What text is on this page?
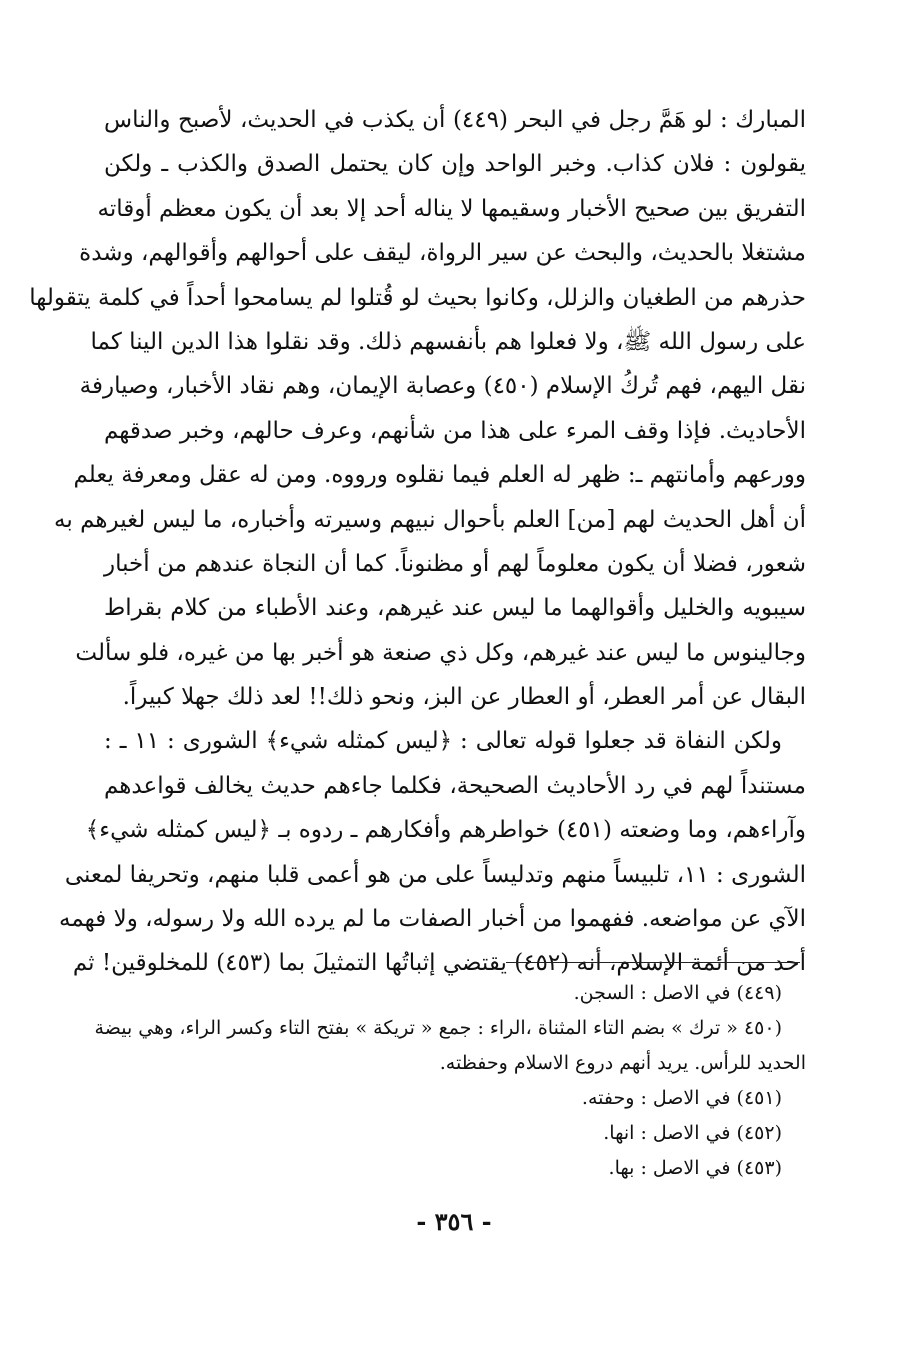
المبارك : لو هَمَّ رجل في البحر (٤٤٩) أن يكذب في الحديث، لأصبح والناس
يقولون : فلان كذاب. وخبر الواحد وإن كان يحتمل الصدق والكذب ـ ولكن
التفريق بين صحيح الأخبار وسقيمها لا يناله أحد إلا بعد أن يكون معظم أوقاته
مشتغلا بالحديث، والبحث عن سير الرواة، ليقف على أحوالهم وأقوالهم، وشدة
حذرهم من الطغيان والزلل، وكانوا بحيث لو قُتلوا لم يسامحوا أحداً في كلمة يتقولها
على رسول الله ﷺ، ولا فعلوا هم بأنفسهم ذلك. وقد نقلوا هذا الدين الينا كما
نقل اليهم، فهم تُركُ الإسلام (٤٥٠) وعصابة الإيمان، وهم نقاد الأخبار، وصيارفة
الأحاديث. فإذا وقف المرء على هذا من شأنهم، وعرف حالهم، وخبر صدقهم
وورعهم وأمانتهم ـ: ظهر له العلم فيما نقلوه ورووه. ومن له عقل ومعرفة يعلم
أن أهل الحديث لهم [من] العلم بأحوال نبيهم وسيرته وأخباره، ما ليس لغيرهم به
شعور، فضلا أن يكون معلوماً لهم أو مظنوناً. كما أن النجاة عندهم من أخبار
سيبويه والخليل وأقوالهما ما ليس عند غيرهم، وعند الأطباء من كلام بقراط
وجالينوس ما ليس عند غيرهم، وكل ذي صنعة هو أخبر بها من غيره، فلو سألت
البقال عن أمر العطر، أو العطار عن البز، ونحو ذلك!! لعد ذلك جهلا كبيراً.
ولكن النفاة قد جعلوا قوله تعالى : ﴿ليس كمثله شيء﴾ الشورى : ١١ ـ :
مستنداً لهم في رد الأحاديث الصحيحة، فكلما جاءهم حديث يخالف قواعدهم
وآراءهم، وما وضعته (٤٥١) خواطرهم وأفكارهم ـ ردوه بـ ﴿ليس كمثله شيء﴾
الشورى : ١١، تلبيساً منهم وتدليساً على من هو أعمى قلبا منهم، وتحريفا لمعنى
الآي عن مواضعه. ففهموا من أخبار الصفات ما لم يرده الله ولا رسوله، ولا فهمه
أحد من أئمة الإسلام، أنه (٤٥٢) يقتضي إثباتُها التمثيلَ بما (٤٥٣) للمخلوقين! ثم
(٤٤٩) في الاصل : السجن.
(٤٥٠ « ترك » بضم التاء المثناة ،الراء : جمع « تريكة » بفتح التاء وكسر الراء، وهي بيضة
الحديد للرأس. يريد أنهم دروع الاسلام وحفظته.
(٤٥١) في الاصل : وحفته.
(٤٥٢) في الاصل : انها.
(٤٥٣) في الاصل : بها.
- ٣٥٦ -
